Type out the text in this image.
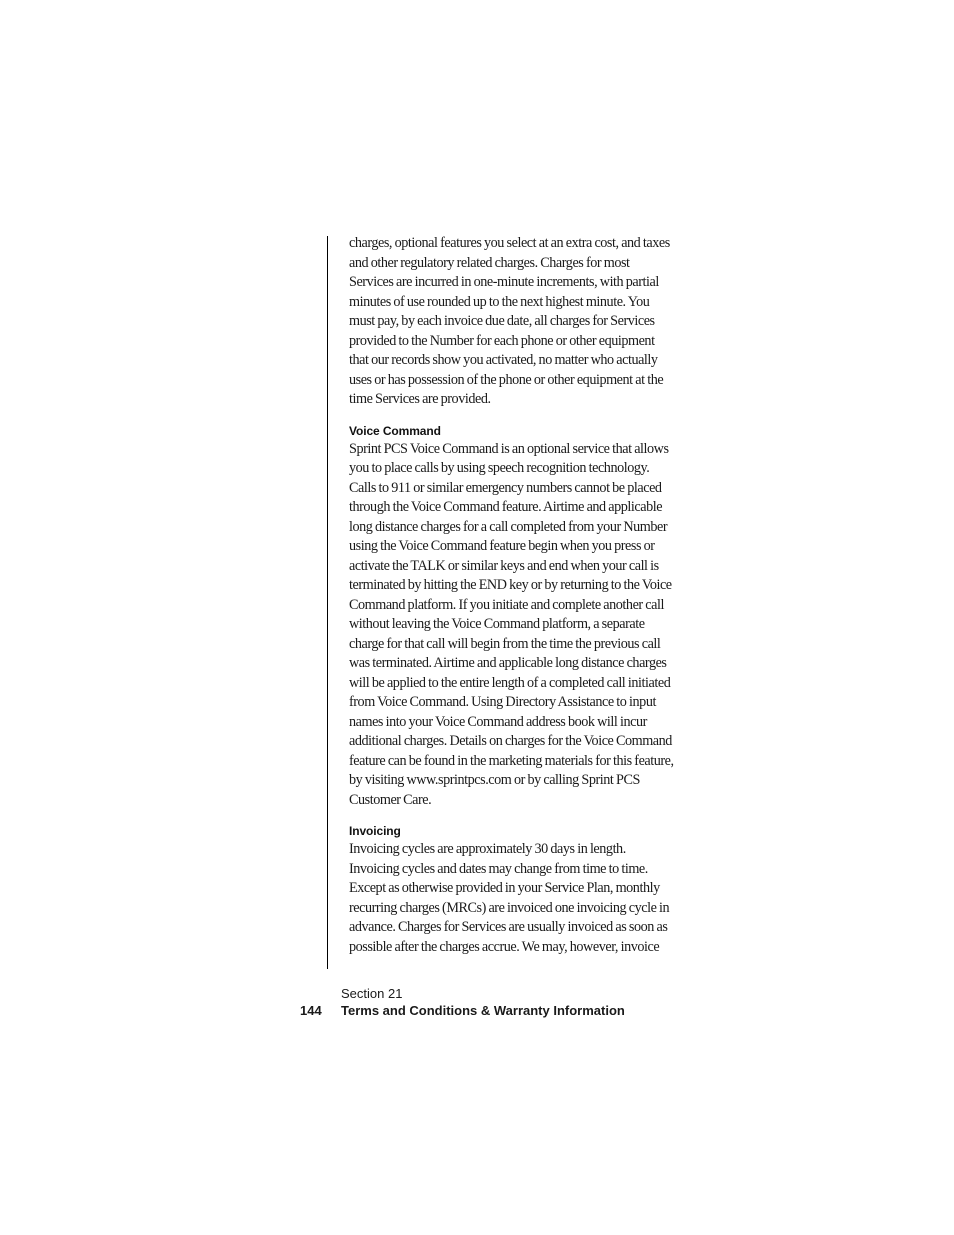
charges, optional features you select at an extra cost, and taxes and other regulatory related charges. Charges for most Services are incurred in one-minute increments, with partial minutes of use rounded up to the next highest minute. You must pay, by each invoice due date, all charges for Services provided to the Number for each phone or other equipment that our records show you activated, no matter who actually uses or has possession of the phone or other equipment at the time Services are provided.

Voice Command

Sprint PCS Voice Command is an optional service that allows you to place calls by using speech recognition technology. Calls to 911 or similar emergency numbers cannot be placed through the Voice Command feature. Airtime and applicable long distance charges for a call completed from your Number using the Voice Command feature begin when you press or activate the TALK or similar keys and end when your call is terminated by hitting the END key or by returning to the Voice Command platform. If you initiate and complete another call without leaving the Voice Command platform, a separate charge for that call will begin from the time the previous call was terminated. Airtime and applicable long distance charges will be applied to the entire length of a completed call initiated from Voice Command. Using Directory Assistance to input names into your Voice Command address book will incur additional charges. Details on charges for the Voice Command feature can be found in the marketing materials for this feature, by visiting www.sprintpcs.com or by calling Sprint PCS Customer Care.

Invoicing

Invoicing cycles are approximately 30 days in length. Invoicing cycles and dates may change from time to time. Except as otherwise provided in your Service Plan, monthly recurring charges (MRCs) are invoiced one invoicing cycle in advance. Charges for Services are usually invoiced as soon as possible after the charges accrue. We may, however, invoice

Section 21
144 Terms and Conditions & Warranty Information
